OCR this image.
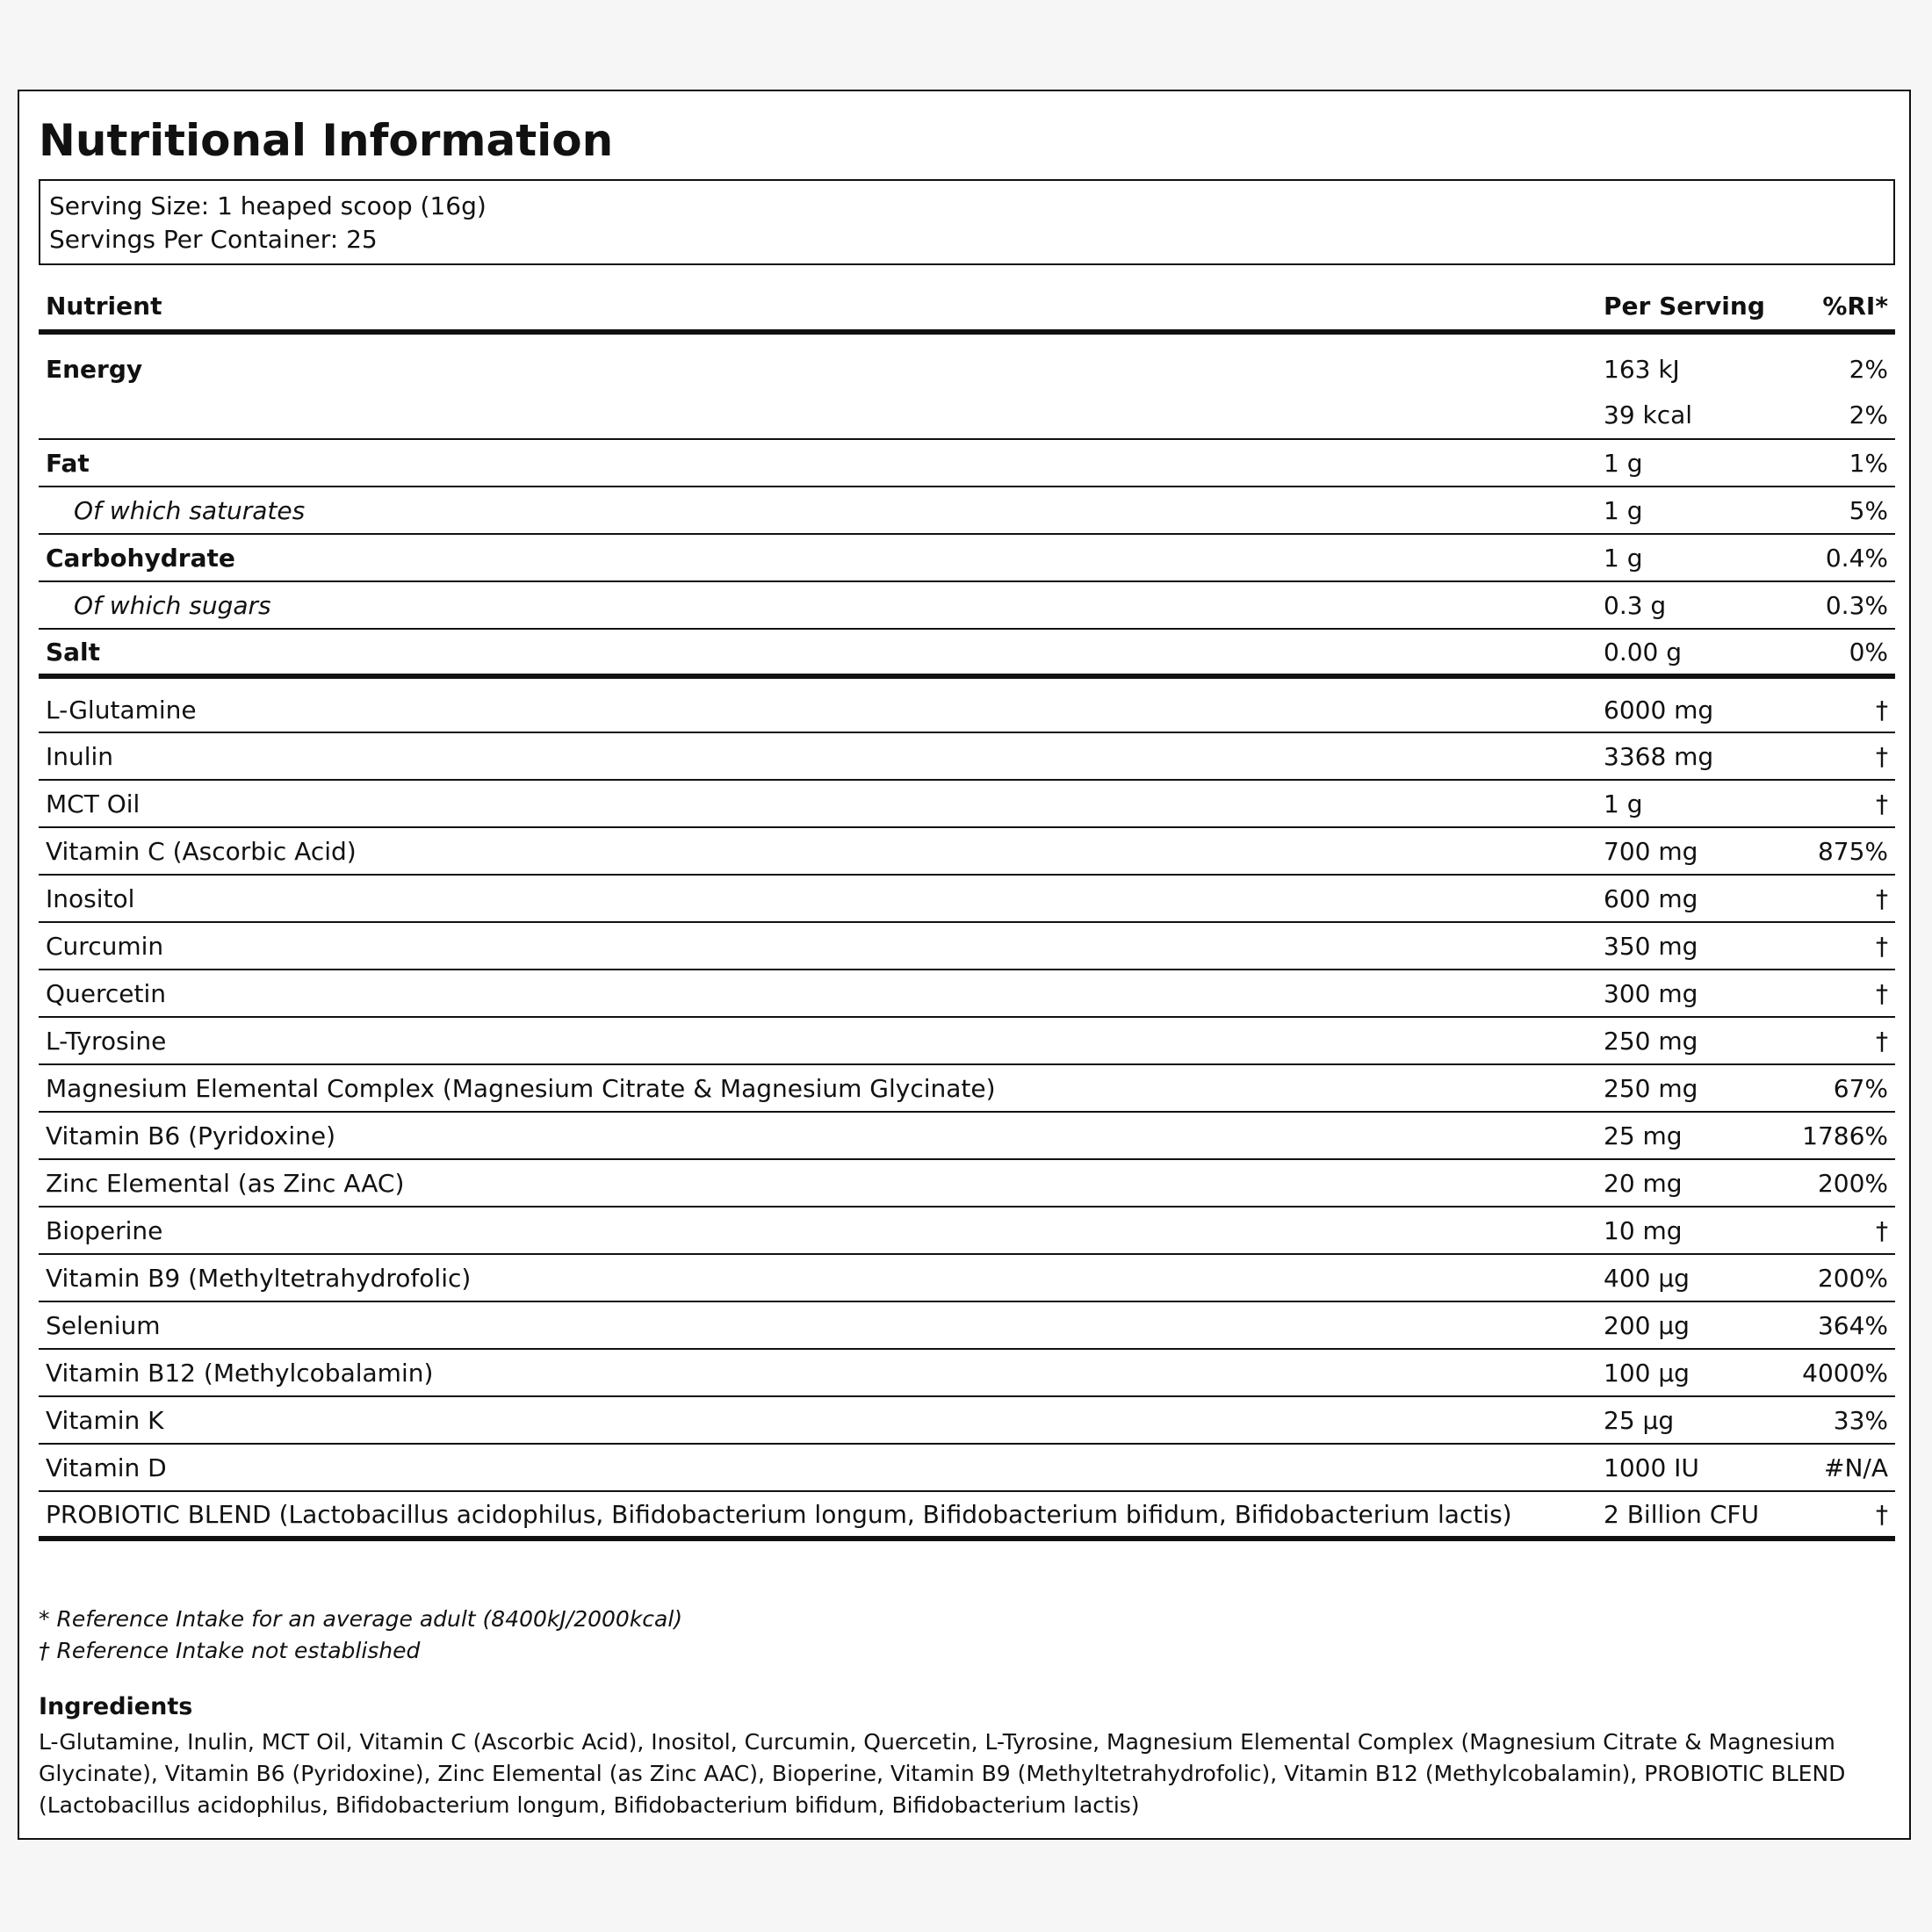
Nutritional Information
Serving Size: 1 heaped scoop (16g)
Servings Per Container: 25
Nutrient	Per Serving	%RI*
Energy	163 kJ	2%
	39 kcal	2%
Fat	1 g	1%
Of which saturates	1 g	5%
Carbohydrate	1 g	0.4%
Of which sugars	0.3 g	0.3%
Salt	0.00 g	0%
L-Glutamine	6000 mg	†
Inulin	3368 mg	†
MCT Oil	1 g	†
Vitamin C (Ascorbic Acid)	700 mg	875%
Inositol	600 mg	†
Curcumin	350 mg	†
Quercetin	300 mg	†
L-Tyrosine	250 mg	†
Magnesium Elemental Complex (Magnesium Citrate & Magnesium Glycinate)	250 mg	67%
Vitamin B6 (Pyridoxine)	25 mg	1786%
Zinc Elemental (as Zinc AAC)	20 mg	200%
Bioperine	10 mg	†
Vitamin B9 (Methyltetrahydrofolic)	400 µg	200%
Selenium	200 µg	364%
Vitamin B12 (Methylcobalamin)	100 µg	4000%
Vitamin K	25 µg	33%
Vitamin D	1000 IU	#N/A
PROBIOTIC BLEND (Lactobacillus acidophilus, Bifidobacterium longum, Bifidobacterium bifidum, Bifidobacterium lactis)	2 Billion CFU	†
* Reference Intake for an average adult (8400kJ/2000kcal)
† Reference Intake not established
Ingredients
L-Glutamine, Inulin, MCT Oil, Vitamin C (Ascorbic Acid), Inositol, Curcumin, Quercetin, L-Tyrosine, Magnesium Elemental Complex (Magnesium Citrate & Magnesium Glycinate), Vitamin B6 (Pyridoxine), Zinc Elemental (as Zinc AAC), Bioperine, Vitamin B9 (Methyltetrahydrofolic), Vitamin B12 (Methylcobalamin), PROBIOTIC BLEND (Lactobacillus acidophilus, Bifidobacterium longum, Bifidobacterium bifidum, Bifidobacterium lactis)
